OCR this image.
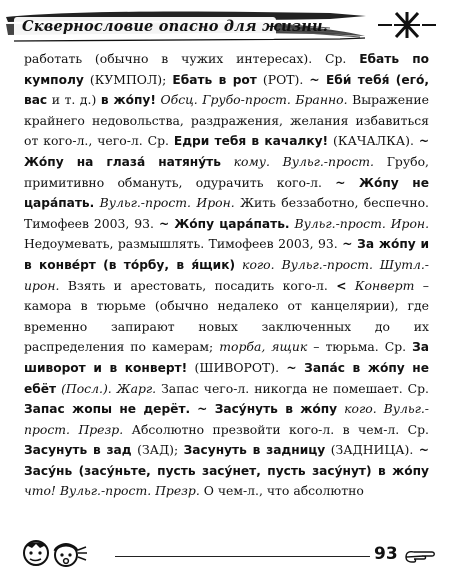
Сквернословие опасно для жизни.

работать (обычно в чужих интересах). Ср. Ебать по кумполу (КУМПОЛ); Ебать в рот (РОТ). ~ Еби́ тебя́ (его́, вас и т. д.) в жо́пу! Обсц. Грубо-прост. Бранно. Выражение крайнего недовольства, раздражения, желания избавиться от кого-л., чего-л. Ср. Едри тебя в качалку! (КАЧАЛКА). ~ Жо́пу на глаза́ натяну́ть кому. Вульг.-прост. Грубо, примитивно обмануть, одурачить кого-л. ~ Жо́пу не цара́пать. Вульг.-прост. Ирон. Жить беззаботно, беспечно. Тимофеев 2003, 93. ~ Жо́пу цара́пать. Вульг.-прост. Ирон. Недоумевать, размышлять. Тимофеев 2003, 93. ~ За жо́пу и в конве́рт (в то́рбу, в я́щик) кого. Вульг.-прост. Шутл.-ирон. Взять и арестовать, посадить кого-л. < Конверт – камора в тюрьме (обычно недалеко от канцелярии), где временно запирают новых заключенных до их распределения по камерам; торба, ящик – тюрьма. Ср. За шиворот и в конверт! (ШИВОРОТ). ~ Запа́с в жо́пу не ебёт (Посл.). Жарг. Запас чего-л. никогда не помешает. Ср. Запас жопы не дерёт. ~ Засу́нуть в жо́пу кого. Вульг.-прост. Презр. Абсолютно презвойти кого-л. в чем-л. Ср. Засунуть в зад (ЗАД); Засунуть в задницу (ЗАДНИЦА). ~ Засу́нь (засу́ньте, пусть засу́нет, пусть засу́нут) в жо́пу что! Вульг.-прост. Презр. О чем-л., что абсолютно

93
